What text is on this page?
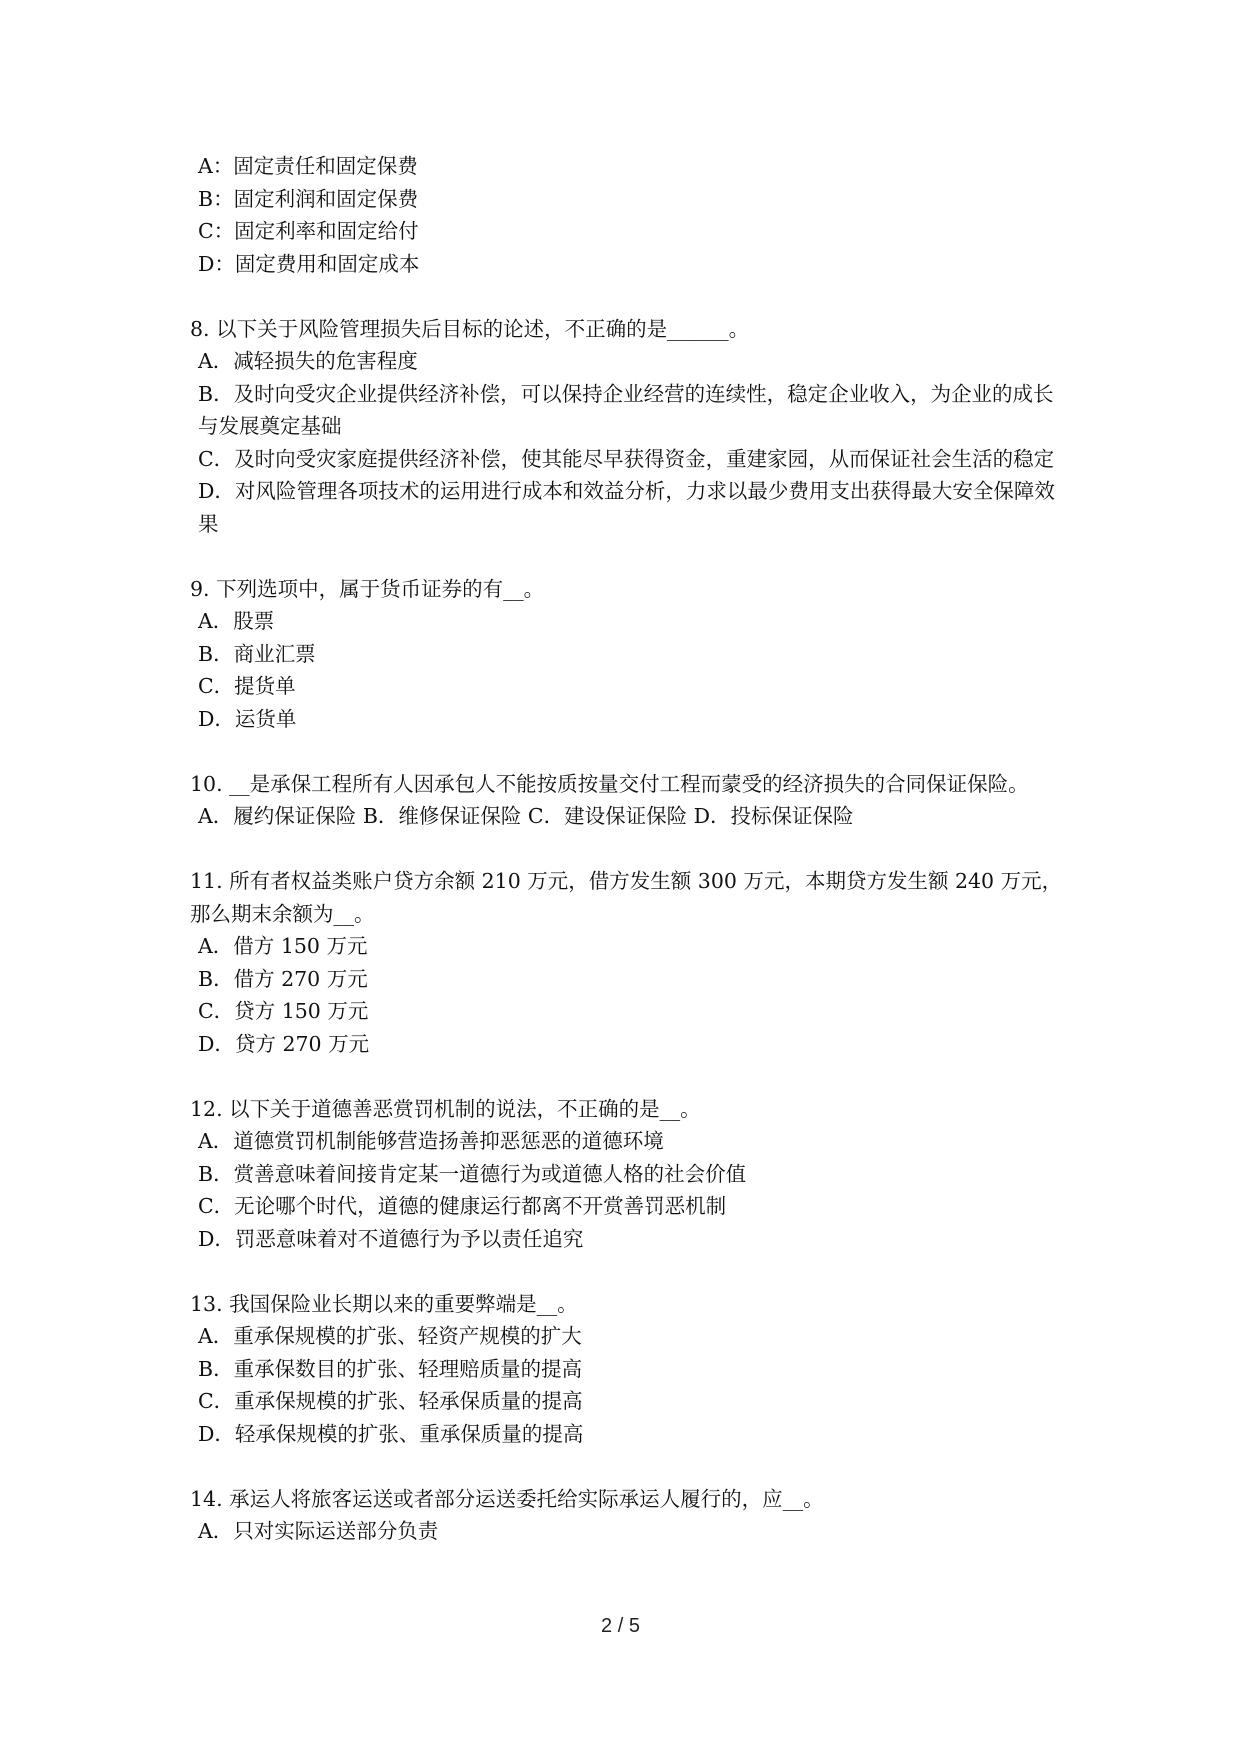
A：固定责任和固定保费

B：固定利润和固定保费

C：固定利率和固定给付

D：固定费用和固定成本

8. 以下关于风险管理损失后目标的论述，不正确的是______。

A．减轻损失的危害程度

B．及时向受灾企业提供经济补偿，可以保持企业经营的连续性，稳定企业收入，为企业的成长与发展奠定基础

C．及时向受灾家庭提供经济补偿，使其能尽早获得资金，重建家园，从而保证社会生活的稳定

D．对风险管理各项技术的运用进行成本和效益分析，力求以最少费用支出获得最大安全保障效果

9. 下列选项中，属于货币证券的有__。

A．股票

B．商业汇票

C．提货单

D．运货单

10. __是承保工程所有人因承包人不能按质按量交付工程而蒙受的经济损失的合同保证保险。

A．履约保证保险 B．维修保证保险 C．建设保证保险 D．投标保证保险

11. 所有者权益类账户贷方余额 210 万元，借方发生额 300 万元，本期贷方发生额 240 万元，那么期末余额为__。

A．借方 150 万元

B．借方 270 万元

C．贷方 150 万元

D．贷方 270 万元

12. 以下关于道德善恶赏罚机制的说法，不正确的是__。

A．道德赏罚机制能够营造扬善抑恶惩恶的道德环境

B．赏善意味着间接肯定某一道德行为或道德人格的社会价值

C．无论哪个时代，道德的健康运行都离不开赏善罚恶机制

D．罚恶意味着对不道德行为予以责任追究

13. 我国保险业长期以来的重要弊端是__。

A．重承保规模的扩张、轻资产规模的扩大

B．重承保数目的扩张、轻理赔质量的提高

C．重承保规模的扩张、轻承保质量的提高

D．轻承保规模的扩张、重承保质量的提高

14. 承运人将旅客运送或者部分运送委托给实际承运人履行的，应__。

A．只对实际运送部分负责

2 / 5
